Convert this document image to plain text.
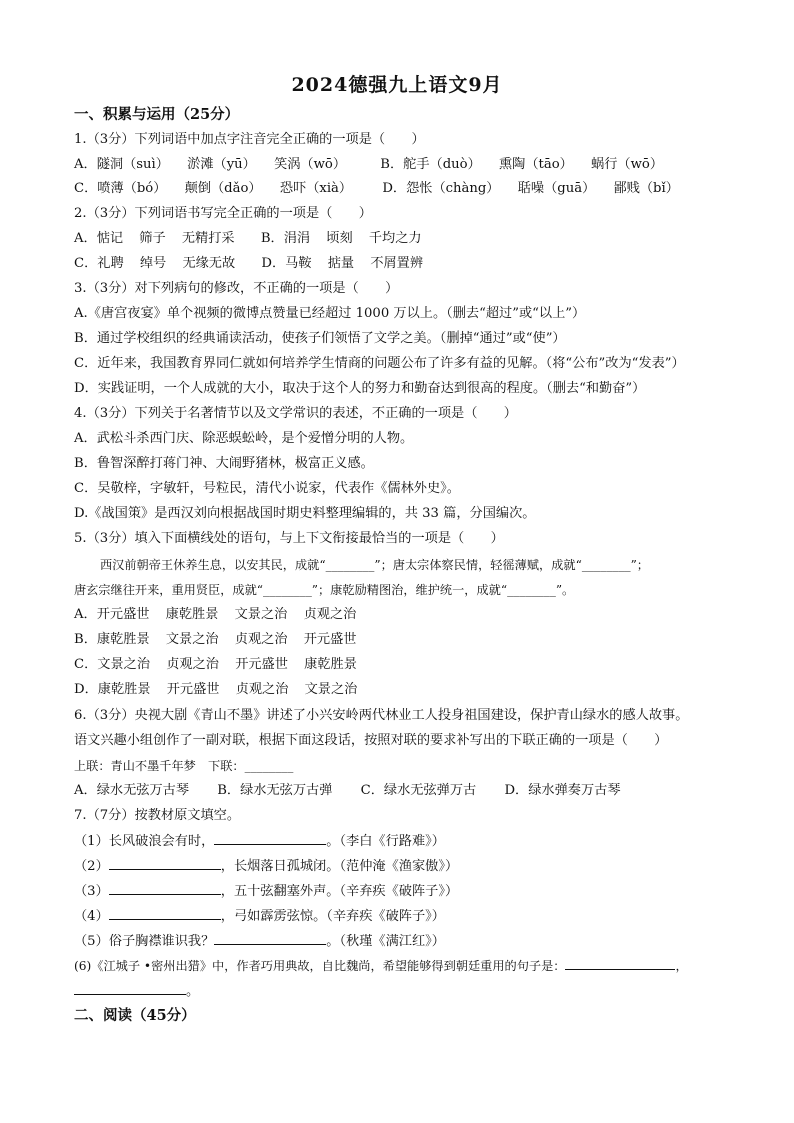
2024德强九上语文9月
一、积累与运用（25分）
1.（3分）下列词语中加点字注音完全正确的一项是（　　）
A．隧洞（suì） 淤滩（yū） 笑涡（wō）	B．舵手（duò） 熏陶（tāo） 蜗行（wō）
C．喷薄（bó） 颠倒（dǎo） 恐吓（xià） D．怨怅（chàng） 聒噪（guā） 鄙贱（bǐ）
2.（3分）下列词语书写完全正确的一项是（　　）
A．惦记 筛子 无精打采 B．涓涓 顷刻 千均之力
C．礼聘 绰号 无缘无故 D．马鞍 掂量 不屑置辨
3.（3分）对下列病句的修改，不正确的一项是（　　）
A.《唐宫夜宴》单个视频的微博点赞量已经超过 1000 万以上。（删去“超过”或“以上”）
B．通过学校组织的经典诵读活动，使孩子们领悟了文学之美。（删掉“通过”或“使”）
C．近年来，我国教育界同仁就如何培养学生情商的问题公布了许多有益的见解。（将“公布”改为“发表”）
D．实践证明，一个人成就的大小，取决于这个人的努力和勤奋达到很高的程度。（删去“和勤奋”）
4.（3分）下列关于名著情节以及文学常识的表述，不正确的一项是（　　）
A．武松斗杀西门庆、除恶蜈蚣岭，是个爱憎分明的人物。
B．鲁智深醉打蒋门神、大闹野猪林，极富正义感。
C．吴敬梓，字敏轩，号粒民，清代小说家，代表作《儒林外史》。
D.《战国策》是西汉刘向根据战国时期史料整理编辑的，共 33 篇，分国编次。
5.（3分）填入下面横线处的语句，与上下文衔接最恰当的一项是（　　）
西汉前朝帝王休养生息，以安其民，成就“________”；唐太宗体察民情，轻徭薄赋，成就“________”；
唐玄宗继往开来，重用贤臣，成就“________”；康乾励精图治，维护统一，成就“________”。
A．开元盛世 康乾胜景 文景之治 贞观之治
B．康乾胜景 文景之治 贞观之治 开元盛世
C．文景之治 贞观之治 开元盛世 康乾胜景
D．康乾胜景 开元盛世 贞观之治 文景之治
6.（3分）央视大剧《青山不墨》讲述了小兴安岭两代林业工人投身祖国建设，保护青山绿水的感人故事。
语文兴趣小组创作了一副对联，根据下面这段话，按照对联的要求补写出的下联正确的一项是（　　）
上联：青山不墨千年梦　下联：________
A．绿水无弦万古琴 B．绿水无弦万古弹 C．绿水无弦弹万古 D．绿水弹奏万古琴
7.（7分）按教材原文填空。
（1）长风破浪会有时，	。（李白《行路难》）
（2）	，长烟落日孤城闭。（范仲淹《渔家傲》）
（3）	，五十弦翻塞外声。（辛弃疾《破阵子》）
（4）	，弓如霹雳弦惊。（辛弃疾《破阵子》）
（5）俗子胸襟谁识我？	。（秋瑾《满江红》）
(6)《江城子 •密州出猎》中，作者巧用典故，自比魏尚，希望能够得到朝廷重用的句子是：	，
。
二、阅读（45分）
